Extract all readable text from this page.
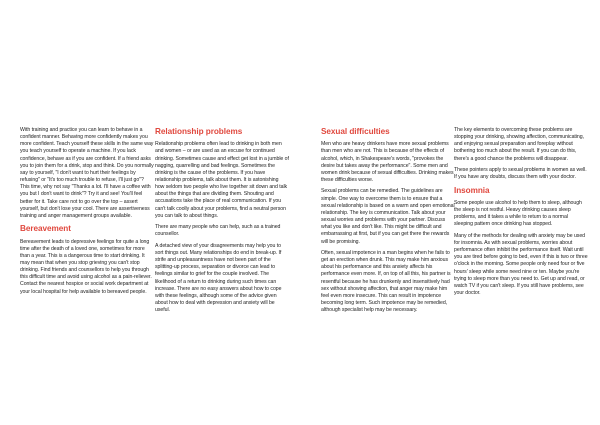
With training and practice you can learn to behave in a confident manner. Behaving more confidently makes you more confident. Teach yourself these skills in the same way you teach yourself to operate a machine. If you lack confidence, behave as if you are confident. If a friend asks you to join them for a drink, stop and think. Do you normally say to yourself, "I don't want to hurt their feelings by refusing" or "It's too much trouble to refuse, I'll just go"? This time, why not say "Thanks a lot. I'll have a coffee with you but I don't want to drink"? Try it and see! You'll feel better for it. Take care not to go over the top – assert yourself, but don't lose your cool. There are assertiveness training and anger management groups available.

Bereavement

Bereavement leads to depressive feelings for quite a long time after the death of a loved one, sometimes for more than a year. This is a dangerous time to start drinking. It may mean that when you stop grieving you can't stop drinking. Find friends and counsellors to help you through this difficult time and avoid using alcohol as a pain-reliever. Contact the nearest hospice or social work department at your local hospital for help available to bereaved people.

Relationship problems

Relationship problems often lead to drinking in both men and women – or are used as an excuse for continued drinking. Sometimes cause and effect get lost in a jumble of nagging, quarrelling and bad feelings. Sometimes the drinking is the cause of the problems. If you have relationship problems, talk about them. It is astonishing how seldom two people who live together sit down and talk about the things that are dividing them. Shouting and accusations take the place of real communication. If you can't talk coolly about your problems, find a neutral person you can talk to about things.

There are many people who can help, such as a trained counsellor.

A detached view of your disagreements may help you to sort things out. Many relationships do end in break-up. If strife and unpleasantness have not been part of the splitting-up process, separation or divorce can lead to feelings similar to grief for the couple involved. The likelihood of a return to drinking during such times can increase. There are no easy answers about how to cope with these feelings, although some of the advice given about how to deal with depression and anxiety will be useful.

Sexual difficulties

Men who are heavy drinkers have more sexual problems than men who are not. This is because of the effects of alcohol, which, in Shakespeare's words, "provokes the desire but takes away the performance". Some men and women drink because of sexual difficulties. Drinking makes these difficulties worse.

Sexual problems can be remedied. The guidelines are simple. One way to overcome them is to ensure that a sexual relationship is based on a warm and open emotional relationship. The key is communication. Talk about your sexual worries and problems with your partner. Discuss what you like and don't like. This might be difficult and embarrassing at first, but if you can get there the rewards will be promising.

Often, sexual impotence in a man begins when he fails to get an erection when drunk. This may make him anxious about his performance and this anxiety affects his performance even more. If, on top of all this, his partner is resentful because he has drunkenly and insensitively had sex without showing affection, that anger may make him feel even more insecure. This can result in impotence becoming long term. Such impotence may be remedied, although specialist help may be necessary.

The key elements to overcoming these problems are stopping your drinking, showing affection, communicating, and enjoying sexual preparation and foreplay without bothering too much about the result. If you can do this, there's a good chance the problems will disappear.

These pointers apply to sexual problems in women as well. If you have any doubts, discuss them with your doctor.

Insomnia

Some people use alcohol to help them to sleep, although the sleep is not restful. Heavy drinking causes sleep problems, and it takes a while to return to a normal sleeping pattern once drinking has stopped.

Many of the methods for dealing with anxiety may be used for insomnia. As with sexual problems, worries about performance often inhibit the performance itself. Wait until you are tired before going to bed, even if this is two or three o'clock in the morning. Some people only need four or five hours' sleep while some need nine or ten. Maybe you're trying to sleep more than you need to. Get up and read, or watch TV if you can't sleep. If you still have problems, see your doctor.
